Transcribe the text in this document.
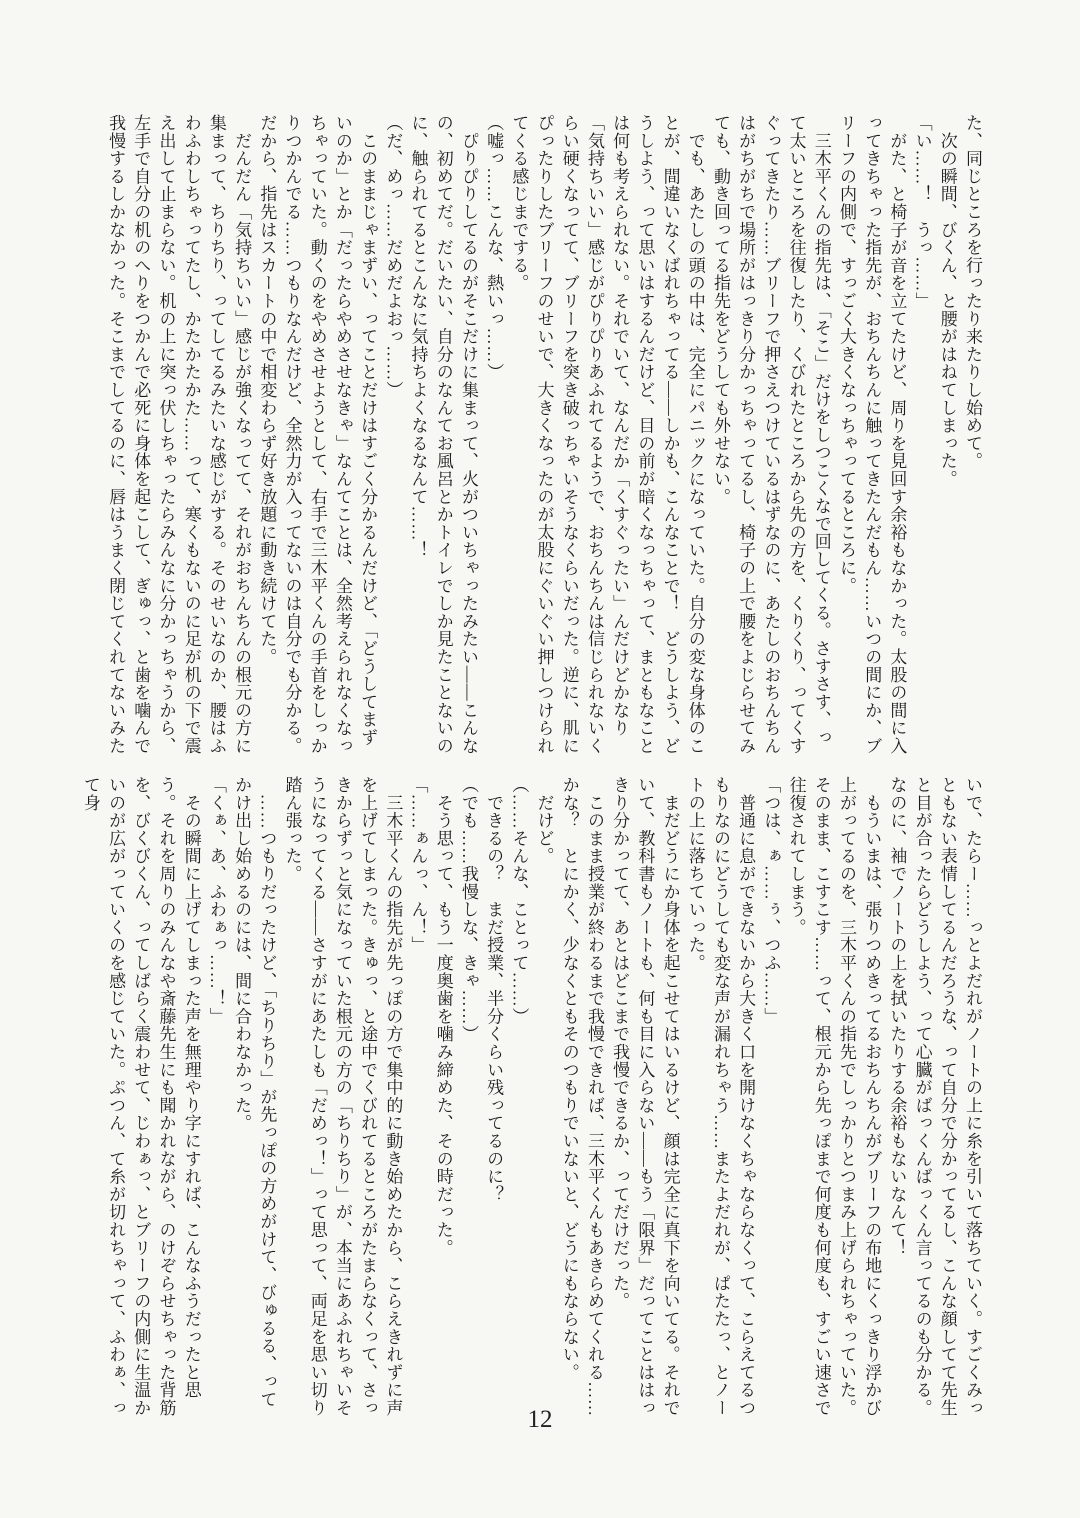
た、同じところを行ったり来たりし始めて。

　次の瞬間、びくん、と腰がはねてしまった。

「い……！　うっ……」

　がた、と椅子が音を立てたけど、周りを見回す余裕もなかった。太股の間に入ってきちゃった指先が、おちんちんに触ってきたんだもん……いつの間にか、ブリーフの内側で、すっごく大きくなっちゃってるところに。

　三木平くんの指先は、「そこ」だけをしつこくなで回してくる。さすさす、って太いところを往復したり、くびれたところから先の方を、くりくり、ってくすぐってきたり……ブリーフで押さえつけているはずなのに、あたしのおちんちんはがちがちで場所がはっきり分かっちゃってるし、椅子の上で腰をよじらせてみても、動き回ってる指先をどうしても外せない。

　でも、あたしの頭の中は、完全にパニックになっていた。自分の変な身体のことが、間違いなくばれちゃってる――しかも、こんなことで！　どうしよう、どうしよう、って思いはするんだけど、目の前が暗くなっちゃって、まともなことは何も考えられない。それでいて、なんだか「くすぐったい」んだけどかなり「気持ちいい」感じがぴりぴりあふれてるようで、おちんちんは信じられないくらい硬くなってて、ブリーフを突き破っちゃいそうなくらいだった。逆に、肌にぴったりしたブリーフのせいで、大きくなったのが太股にぐいぐい押しつけられてくる感じまでする。

（嘘っ……こんな、熱いっ……）

　ぴりぴりしてるのがそこだけに集まって、火がついちゃったみたい――こんなの、初めてだ。だいたい、自分のなんてお風呂とかトイレでしか見たことないのに、触られてるとこんなに気持ちよくなるなんて……！

（だ、めっ……だめだよおっ……）

　このままじゃまずい、ってことだけはすごく分かるんだけど、「どうしてまずいのか」とか「だったらやめさせなきゃ」なんてことは、全然考えられなくなっちゃっていた。動くのをやめさせようとして、右手で三木平くんの手首をしっかりつかんでる……つもりなんだけど、全然力が入ってないのは自分でも分かる。だから、指先はスカートの中で相変わらず好き放題に動き続けてた。

　だんだん「気持ちいい」感じが強くなってて、それがおちんちんの根元の方に集まって、ちりちり、ってしてるみたいな感じがする。そのせいなのか、腰はふわふわしちゃってたし、かたかたかた……って、寒くもないのに足が机の下で震え出して止まらない。机の上に突っ伏しちゃったらみんなに分かっちゃうから、左手で自分の机のへりをつかんで必死に身体を起こして、ぎゅっ、と歯を噛んで我慢するしかなかった。そこまでしてるのに、唇はうまく閉じてくれてないみた

いで、たらー……っとよだれがノートの上に糸を引いて落ちていく。すごくみっともない表情してるんだろうな、って自分で分かってるし、こんな顔してて先生と目が合ったらどうしよう、って心臓がばっくんばっくん言ってるのも分かる。なのに、袖でノートの上を拭いたりする余裕もないなんて！

　もういまは、張りつめきってるおちんちんがブリーフの布地にくっきり浮かび上がってるのを、三木平くんの指先でしっかりとつまみ上げられちゃっていた。そのまま、こすこす……って、根元から先っぽまで何度も何度も、すごい速さで往復されてしまう。

「つは、ぁ……ぅ、つふ……」

　普通に息ができないから大きく口を開けなくちゃならなくって、こらえてるつもりなのにどうしても変な声が漏れちゃう……またよだれが、ぱたたっ、とノートの上に落ちていった。

　まだどうにか身体を起こせてはいるけど、顔は完全に真下を向いてる。それでいて、教科書もノートも、何も目に入らない――もう「限界」だってことははっきり分かってて、あとはどこまで我慢できるか、ってだけだった。

　このまま授業が終わるまで我慢できれば、三木平くんもあきらめてくれる……かな？　とにかく、少なくともそのつもりでいないと、どうにもならない。

　だけど。

（……そんな、ことって……）

　できるの？　まだ授業、半分くらい残ってるのに？

（でも……我慢しな、きゃ……）

　そう思って、もう一度奥歯を噛み締めた、その時だった。

「……ぁんっ、ん！」

　三木平くんの指先が先っぽの方で集中的に動き始めたから、こらえきれずに声を上げてしまった。きゅっ、と途中でくびれてるところがたまらなくって、さっきからずっと気になっていた根元の方の「ちりちり」が、本当にあふれちゃいそうになってくる――さすがにあたしも「だめっ！」って思って、両足を思い切り踏ん張った。

　……つもりだったけど、「ちりちり」が先っぽの方めがけて、びゅるる、ってかけ出し始めるのには、間に合わなかった。

「くぁ、あ、ふわぁっ……！」

　その瞬間に上げてしまった声を無理やり字にすれば、こんなふうだったと思う。それを周りのみんなや斎藤先生にも聞かれながら、のけぞらせちゃった背筋を、びくびくん、ってしばらく震わせて、じわぁっ、とブリーフの内側に生温かいのが広がっていくのを感じていた。ぷつん、て糸が切れちゃって、ふわぁ、って身

12
